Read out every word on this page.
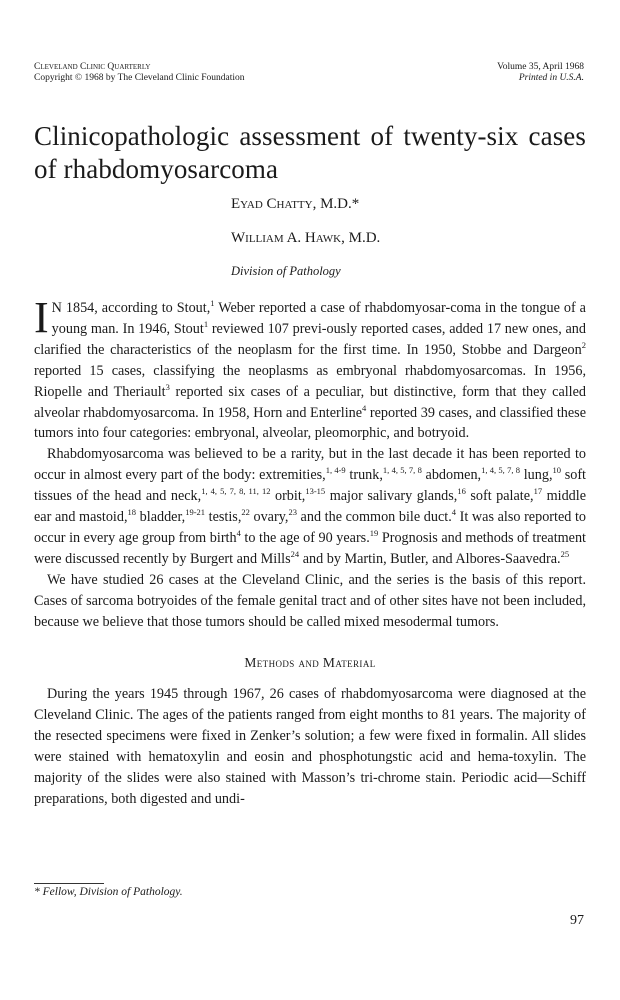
Cleveland Clinic Quarterly
Copyright © 1968 by The Cleveland Clinic Foundation
Volume 35, April 1968
Printed in U.S.A.
Clinicopathologic assessment of twenty-six cases of rhabdomyosarcoma
Eyad Chatty, M.D.*
William A. Hawk, M.D.
Division of Pathology

I N 1854, according to Stout,$^1$ Weber reported a case of rhabdomyosar-coma in the tongue of a young man. In 1946, Stout$^1$ reviewed 107 previ-ously reported cases, added 17 new ones, and clarified the characteristics of the neoplasm for the first time. In 1950, Stobbe and Dargeon$^2$ reported 15 cases, classifying the neoplasms as embryonal rhabdomyosarcomas. In 1956, Riopelle and Theriault$^3$ reported six cases of a peculiar, but distinctive, form that they called alveolar rhabdomyosarcoma. In 1958, Horn and Enterline$^4$ reported 39 cases, and classified these tumors into four categories: embryonal, alveolar, pleomorphic, and botryoid.

Rhabdomyosarcoma was believed to be a rarity, but in the last decade it has been reported to occur in almost every part of the body: extremities,$^{1, 4-9}$ trunk,$^{1, 4, 5, 7, 8}$ abdomen,$^{1, 4, 5, 7, 8}$ lung,$^{10}$ soft tissues of the head and neck,$^{1, 4, 5, 7, 8, 11, 12}$ orbit,$^{13-15}$ major salivary glands,$^{16}$ soft palate,$^{17}$ middle ear and mastoid,$^{18}$ bladder,$^{19-21}$ testis,$^{22}$ ovary,$^{23}$ and the common bile duct.$^4$ It was also reported to occur in every age group from birth$^4$ to the age of 90 years.$^{19}$ Prognosis and methods of treatment were discussed recently by Burgert and Mills$^{24}$ and by Martin, Butler, and Albores-Saavedra.$^{25}$

We have studied 26 cases at the Cleveland Clinic, and the series is the basis of this report. Cases of sarcoma botryoides of the female genital tract and of other sites have not been included, because we believe that those tumors should be called mixed mesodermal tumors.

Methods and Material

During the years 1945 through 1967, 26 cases of rhabdomyosarcoma were diagnosed at the Cleveland Clinic. The ages of the patients ranged from eight months to 81 years. The majority of the resected specimens were fixed in Zenker’s solution; a few were fixed in formalin. All slides were stained with hematoxylin and eosin and phosphotungstic acid and hema-toxylin. The majority of the slides were also stained with Masson’s tri-chrome stain. Periodic acid—Schiff preparations, both digested and undi-

* Fellow, Division of Pathology.
97
